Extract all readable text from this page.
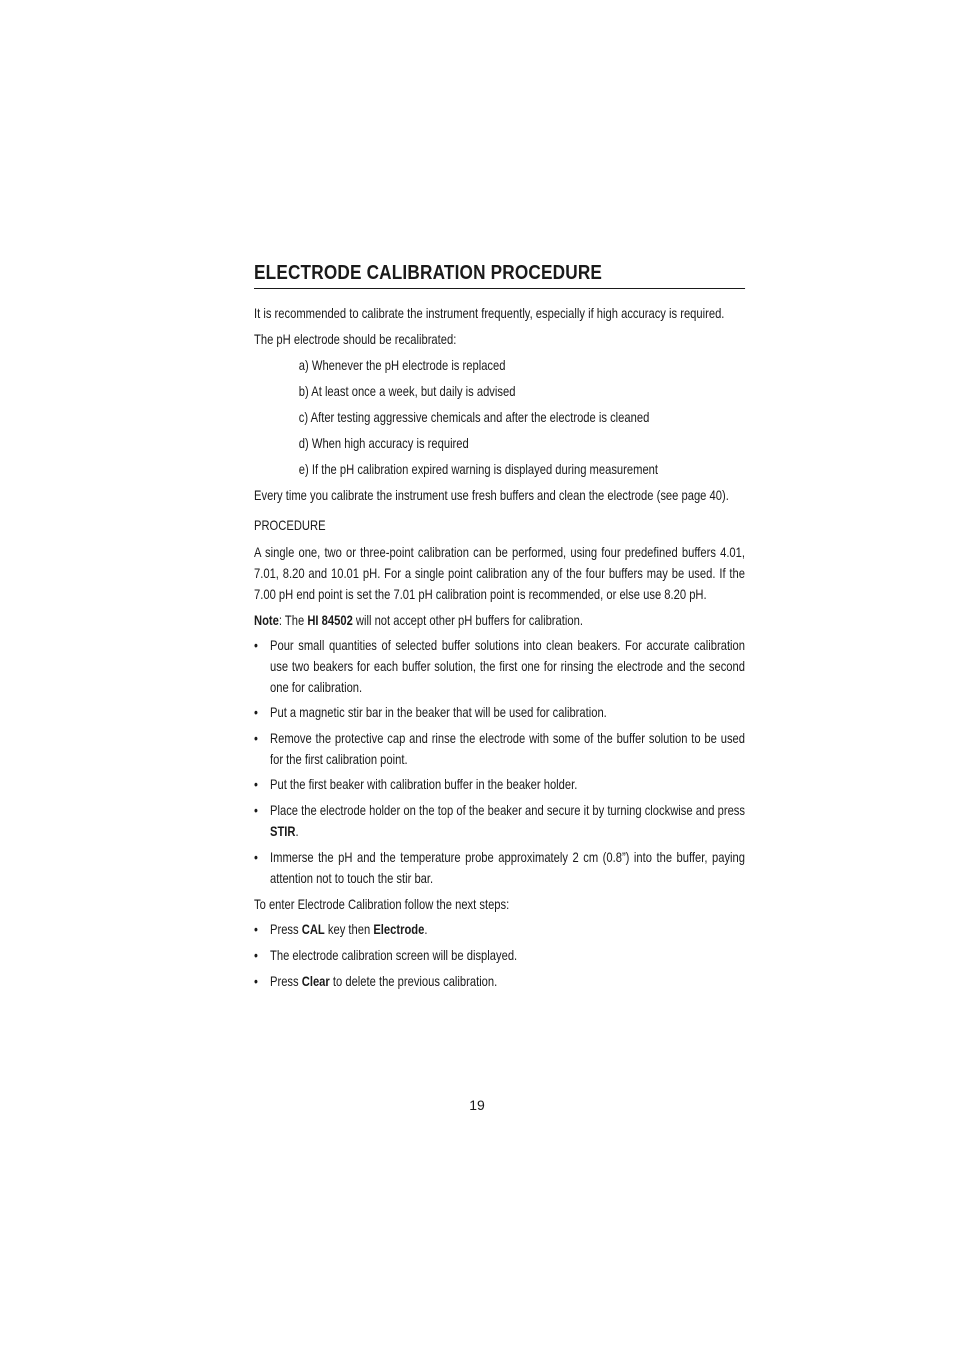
ELECTRODE CALIBRATION PROCEDURE

It is recommended to calibrate the instrument frequently, especially if high accuracy is required.

The pH electrode should be recalibrated:

a) Whenever the pH electrode is replaced

b) At least once a week, but daily is advised

c) After testing aggressive chemicals and after the electrode is cleaned

d) When high accuracy is required

e) If the pH calibration expired warning is displayed during measurement

Every time you calibrate the instrument use fresh buffers and clean the electrode (see page 40).

PROCEDURE

A single one, two or three-point calibration can be performed, using four predefined buffers 4.01, 7.01, 8.20 and 10.01 pH. For a single point calibration any of the four buffers may be used. If the 7.00 pH end point is set the 7.01 pH calibration point is recommended, or else use 8.20 pH.

Note: The HI 84502 will not accept other pH buffers for calibration.

• Pour small quantities of selected buffer solutions into clean beakers. For accurate calibration use two beakers for each buffer solution, the first one for rinsing the electrode and the second one for calibration.
• Put a magnetic stir bar in the beaker that will be used for calibration.
• Remove the protective cap and rinse the electrode with some of the buffer solution to be used for the first calibration point.
• Put the first beaker with calibration buffer in the beaker holder.
• Place the electrode holder on the top of the beaker and secure it by turning clockwise and press STIR.
• Immerse the pH and the temperature probe approximately 2 cm (0.8”) into the buffer, paying attention not to touch the stir bar.

To enter Electrode Calibration follow the next steps:

• Press CAL key then Electrode.
• The electrode calibration screen will be displayed.
• Press Clear to delete the previous calibration.
19
